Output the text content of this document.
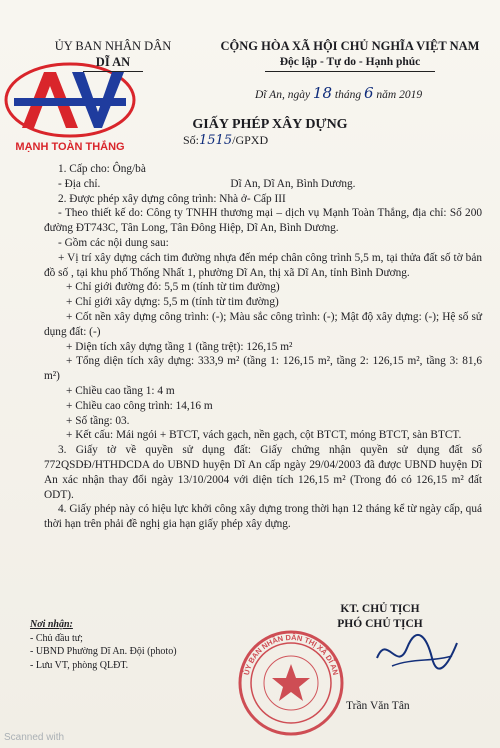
MẠNH TOÀN THẮNG
ỦY BAN NHÂN DÂN
DĨ AN
CỘNG HÒA XÃ HỘI CHỦ NGHĨA VIỆT NAM
Độc lập - Tự do - Hạnh phúc
Dĩ An, ngày 18 tháng 6 năm 2019
GIẤY PHÉP XÂY DỰNG
Số:1515/GPXD

1. Cấp cho: Ông/bà

- Địa chỉ.	Dĩ An, Dĩ An, Bình Dương.

2. Được phép xây dựng công trình: Nhà ở- Cấp III

- Theo thiết kế do: Công ty TNHH thương mại – dịch vụ Mạnh Toàn Thắng, địa chỉ: Số 200 đường ĐT743C, Tân Long, Tân Đông Hiệp, Dĩ An, Bình Dương.

- Gồm các nội dung sau:

+ Vị trí xây dựng cách tim đường nhựa đến mép chân công trình 5,5 m, tại thửa đất số tờ bản đồ số , tại khu phố Thống Nhất 1, phường Dĩ An, thị xã Dĩ An, tỉnh Bình Dương.

+ Chỉ giới đường đỏ: 5,5 m (tính từ tim đường)

+ Chỉ giới xây dựng: 5,5 m (tính từ tim đường)

+ Cốt nền xây dựng công trình: (-); Màu sắc công trình: (-); Mật độ xây dựng: (-); Hệ số sử dụng đất: (-)

+ Diện tích xây dựng tầng 1 (tầng trệt): 126,15 m²

+ Tổng diện tích xây dựng: 333,9 m² (tầng 1: 126,15 m², tầng 2: 126,15 m², tầng 3: 81,6 m²)

+ Chiều cao tầng 1: 4 m

+ Chiều cao công trình: 14,16 m

+ Số tầng: 03.

+ Kết cấu: Mái ngói + BTCT, vách gạch, nền gạch, cột BTCT, móng BTCT, sàn BTCT.

3. Giấy tờ về quyền sử dụng đất: Giấy chứng nhận quyền sử dụng đất số 772QSDĐ/HTHDCDA do UBND huyện Dĩ An cấp ngày 29/04/2003 đã được UBND huyện Dĩ An xác nhận thay đổi ngày 13/10/2004 với diện tích 126,15 m² (Trong đó có 126,15 m² đất ODT).

4. Giấy phép này có hiệu lực khởi công xây dựng trong thời hạn 12 tháng kể từ ngày cấp, quá thời hạn trên phải đề nghị gia hạn giấy phép xây dựng.

KT. CHỦ TỊCH
PHÓ CHỦ TỊCH
ỦY BAN NHÂN DÂN THỊ XÃ DĨ AN
Trần Văn Tân
Nơi nhận:
- Chủ đầu tư;
- UBND Phường Dĩ An. Đội (photo)
- Lưu VT, phòng QLĐT.
Scanned with
